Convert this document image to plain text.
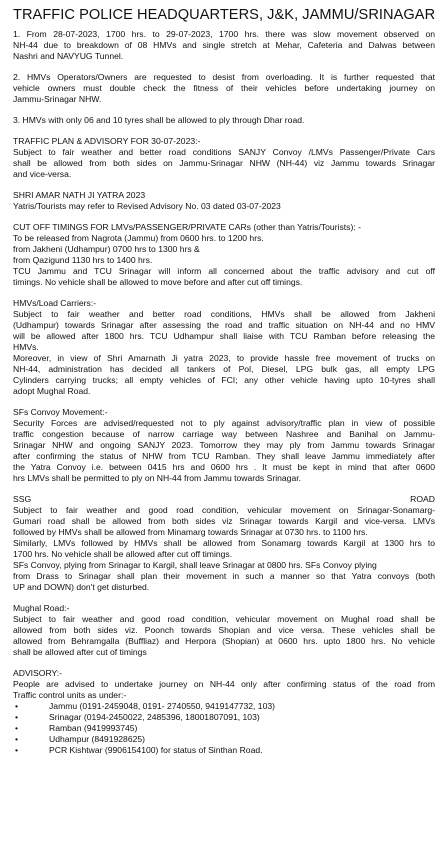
TRAFFIC POLICE HEADQUARTERS, J&K, JAMMU/SRINAGAR
1. From 28-07-2023, 1700 hrs. to 29-07-2023, 1700 hrs. there was slow movement observed on
NH-44 due to breakdown of 08 HMVs and single stretch at Mehar, Cafeteria and Dalwas between
Nashri and NAVYUG Tunnel.
2. HMVs Operators/Owners are requested to desist from overloading. It is further requested that
vehicle owners must double check the fitness of their vehicles before undertaking journey on
Jammu-Srinagar NHW.
3. HMVs with only 06 and 10 tyres shall be allowed to ply through Dhar road.
TRAFFIC PLAN & ADVISORY FOR 30-07-2023:-
Subject to fair weather and better road conditions SANJY Convoy /LMVs Passenger/Private Cars
shall be allowed from both sides on Jammu-Srinagar NHW (NH-44) viz Jammu towards Srinagar
and vice-versa.
SHRI AMAR NATH JI YATRA 2023
Yatris/Tourists may refer to Revised Advisory No. 03 dated 03-07-2023
CUT OFF TIMINGS FOR LMVs/PASSENGER/PRIVATE CARs (other than Yatris/Tourists): -
To be released from Nagrota (Jammu) from 0600 hrs. to 1200 hrs.
from Jakheni (Udhampur) 0700 hrs to 1300 hrs &
from Qazigund 1130 hrs to 1400 hrs.
TCU Jammu and TCU Srinagar will inform all concerned about the traffic advisory and cut off
timings. No vehicle shall be allowed to move before and after cut off timings.
HMVs/Load Carriers:-
Subject to fair weather and better road conditions, HMVs shall be allowed from Jakheni
(Udhampur) towards Srinagar after assessing the road and traffic situation on NH-44 and no HMV
will be allowed after 1800 hrs. TCU Udhampur shall liaise with TCU Ramban before releasing the
HMVs.
Moreover, in view of Shri Amarnath Ji yatra 2023, to provide hassle free movement of trucks on
NH-44, administration has decided all tankers of Pol, Diesel, LPG bulk gas, all empty LPG
Cylinders carrying trucks; all empty vehicles of FCI; any other vehicle having upto 10-tyres shall
adopt Mughal Road.
SFs Convoy Movement:-
Security Forces are advised/requested not to ply against advisory/traffic plan in view of possible
traffic congestion because of narrow carriage way between Nashree and Banihal on Jammu-
Srinagar NHW and ongoing SANJY 2023. Tomorrow they may ply from Jammu towards Srinagar
after confirming the status of NHW from TCU Ramban. They shall leave Jammu immediately after
the Yatra Convoy i.e. between 0415 hrs and 0600 hrs . It must be kept in mind that after 0600
hrs LMVs shall be permitted to ply on NH-44 from Jammu towards Srinagar.
SSG ROAD
Subject to fair weather and good road condition, vehicular movement on Srinagar-Sonamarg-
Gumari road shall be allowed from both sides viz Srinagar towards Kargil and vice-versa. LMVs
followed by HMVs shall be allowed from Minamarg towards Srinagar at 0730 hrs. to 1100 hrs.
Similarly, LMVs followed by HMVs shall be allowed from Sonamarg towards Kargil at 1300 hrs to
1700 hrs. No vehicle shall be allowed after cut off timings.
SFs Convoy, plying from Srinagar to Kargil, shall leave Srinagar at 0800 hrs. SFs Convoy plying
from Drass to Srinagar shall plan their movement in such a manner so that Yatra convoys (both
UP and DOWN) don't get disturbed.
Mughal Road:-
Subject to fair weather and good road condition, vehicular movement on Mughal road shall be
allowed from both sides viz. Poonch towards Shopian and vice versa. These vehicles shall be
allowed from Behramgalla (Buffliaz) and Herpora (Shopian) at 0600 hrs. upto 1800 hrs. No vehicle
shall be allowed after cut of timings
ADVISORY:-
People are advised to undertake journey on NH-44 only after confirming status of the road from
Traffic control units as under:-
•	Jammu (0191-2459048, 0191- 2740550, 9419147732, 103)
•	Srinagar (0194-2450022, 2485396, 18001807091, 103)
•	Ramban (9419993745)
•	Udhampur (8491928625)
•	PCR Kishtwar (9906154100) for status of Sinthan Road.
